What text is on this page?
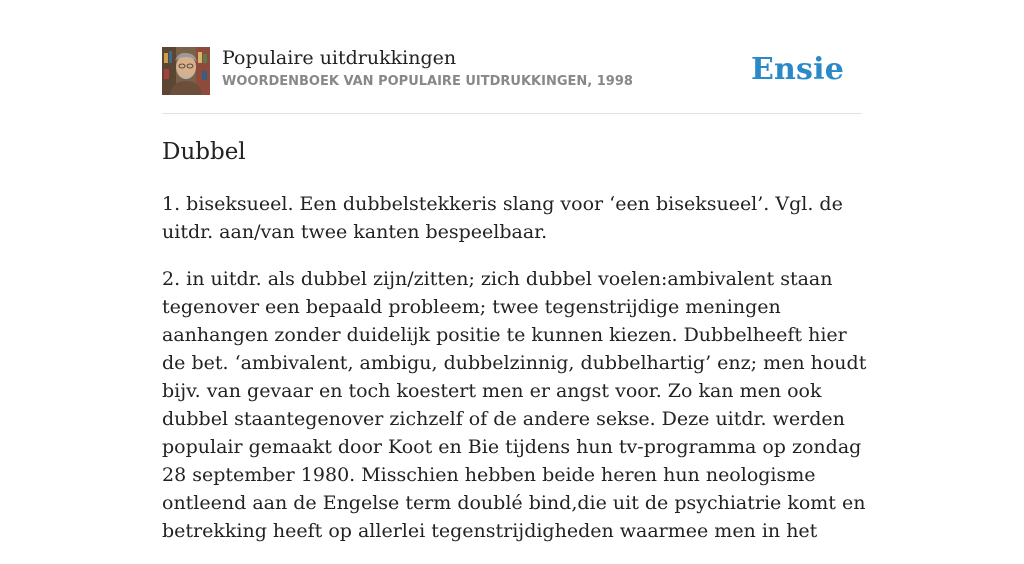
Populaire uitdrukkingen
WOORDENBOEK VAN POPULAIRE UITDRUKKINGEN, 1998	Ensie
Dubbel

1. biseksueel. Een dubbelstekkeris slang voor ‘een biseksueel’. Vgl. de uitdr. aan/van twee kanten bespeelbaar.

2. in uitdr. als dubbel zijn/zitten; zich dubbel voelen:ambivalent staan tegenover een bepaald probleem; twee tegenstrijdige meningen aanhangen zonder duidelijk positie te kunnen kiezen. Dubbelheeft hier de bet. ‘ambivalent, ambigu, dubbelzinnig, dubbelhartig’ enz; men houdt bijv. van gevaar en toch koestert men er angst voor. Zo kan men ook dubbel staantegenover zichzelf of de andere sekse. Deze uitdr. werden populair gemaakt door Koot en Bie tijdens hun tv-programma op zondag 28 september 1980. Misschien hebben beide heren hun neologisme ontleend aan de Engelse term doublé bind,die uit de psychiatrie komt en betrekking heeft op allerlei tegenstrijdigheden waarmee men in het
